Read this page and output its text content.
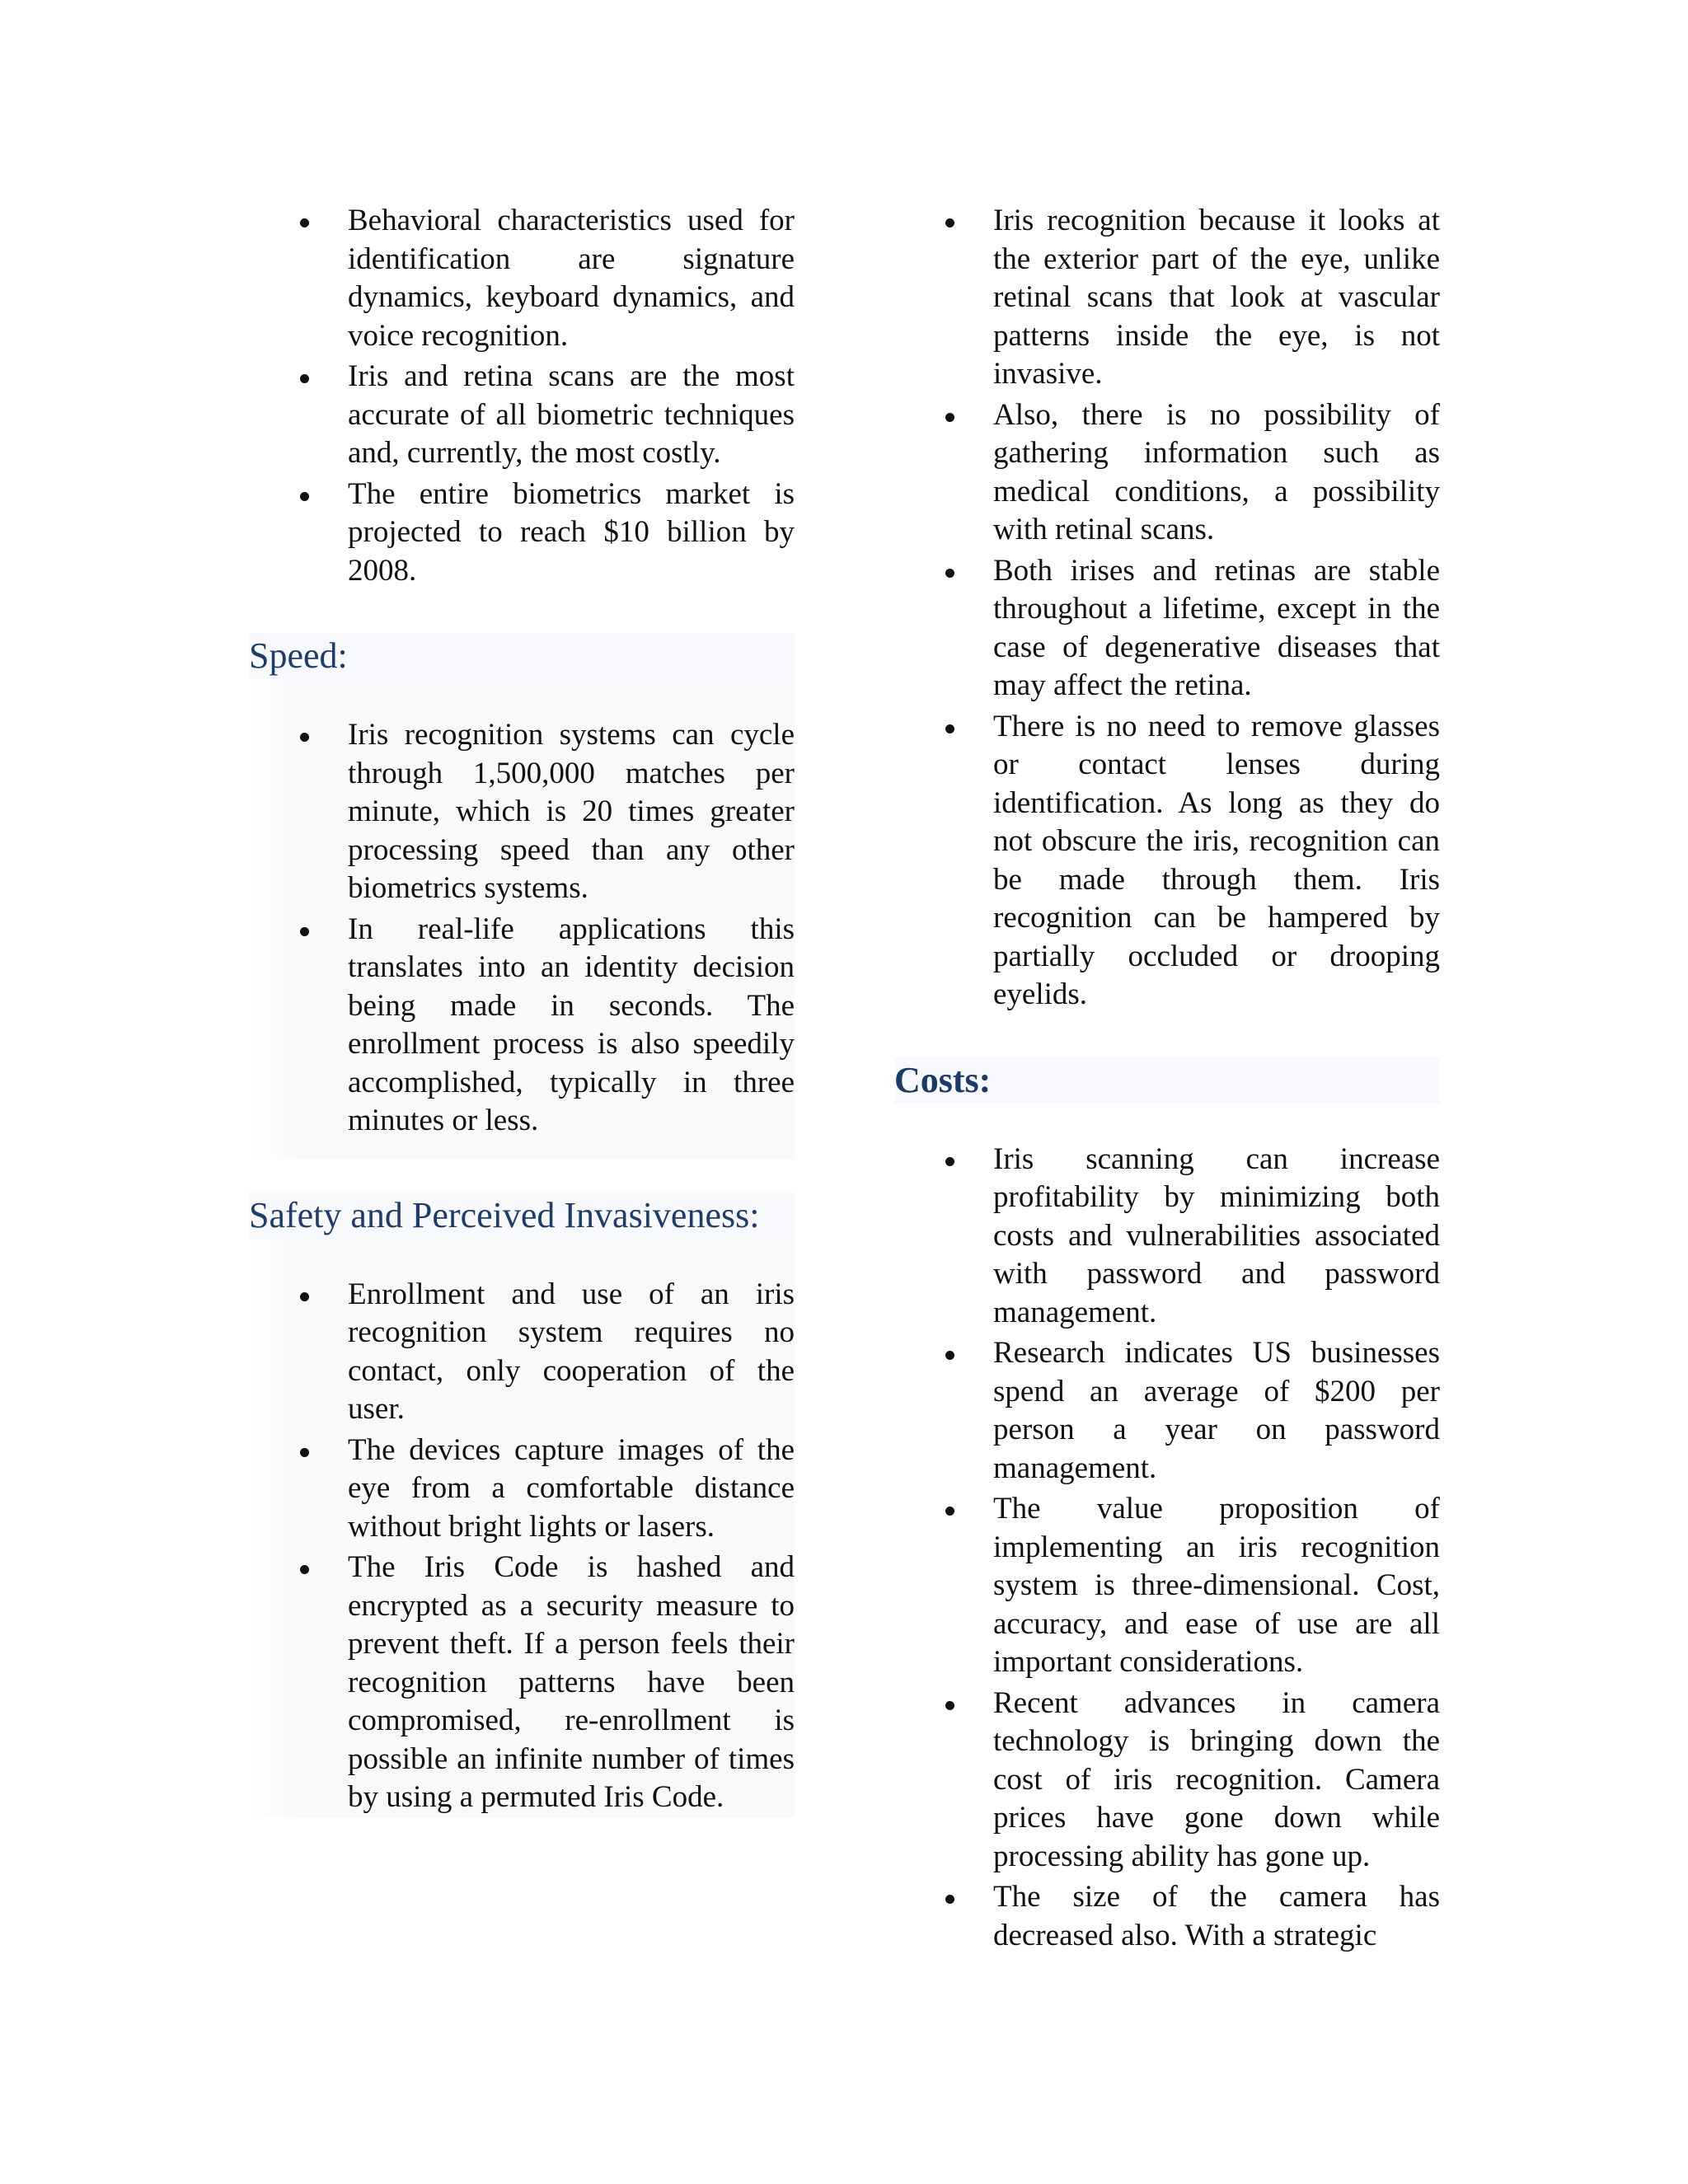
Behavioral characteristics used for identification are signature dynamics, keyboard dynamics, and voice recognition.
Iris and retina scans are the most accurate of all biometric techniques and, currently, the most costly.
The entire biometrics market is projected to reach $10 billion by 2008.
Speed:
Iris recognition systems can cycle through 1,500,000 matches per minute, which is 20 times greater processing speed than any other biometrics systems.
In real-life applications this translates into an identity decision being made in seconds. The enrollment process is also speedily accomplished, typically in three minutes or less.
Safety and Perceived Invasiveness:
Enrollment and use of an iris recognition system requires no contact, only cooperation of the user.
The devices capture images of the eye from a comfortable distance without bright lights or lasers.
The Iris Code is hashed and encrypted as a security measure to prevent theft. If a person feels their recognition patterns have been compromised, re-enrollment is possible an infinite number of times by using a permuted Iris Code.
Iris recognition because it looks at the exterior part of the eye, unlike retinal scans that look at vascular patterns inside the eye, is not invasive.
Also, there is no possibility of gathering information such as medical conditions, a possibility with retinal scans.
Both irises and retinas are stable throughout a lifetime, except in the case of degenerative diseases that may affect the retina.
There is no need to remove glasses or contact lenses during identification. As long as they do not obscure the iris, recognition can be made through them. Iris recognition can be hampered by partially occluded or drooping eyelids.
Costs:
Iris scanning can increase profitability by minimizing both costs and vulnerabilities associated with password and password management.
Research indicates US businesses spend an average of $200 per person a year on password management.
The value proposition of implementing an iris recognition system is three-dimensional. Cost, accuracy, and ease of use are all important considerations.
Recent advances in camera technology is bringing down the cost of iris recognition. Camera prices have gone down while processing ability has gone up.
The size of the camera has decreased also. With a strategic
